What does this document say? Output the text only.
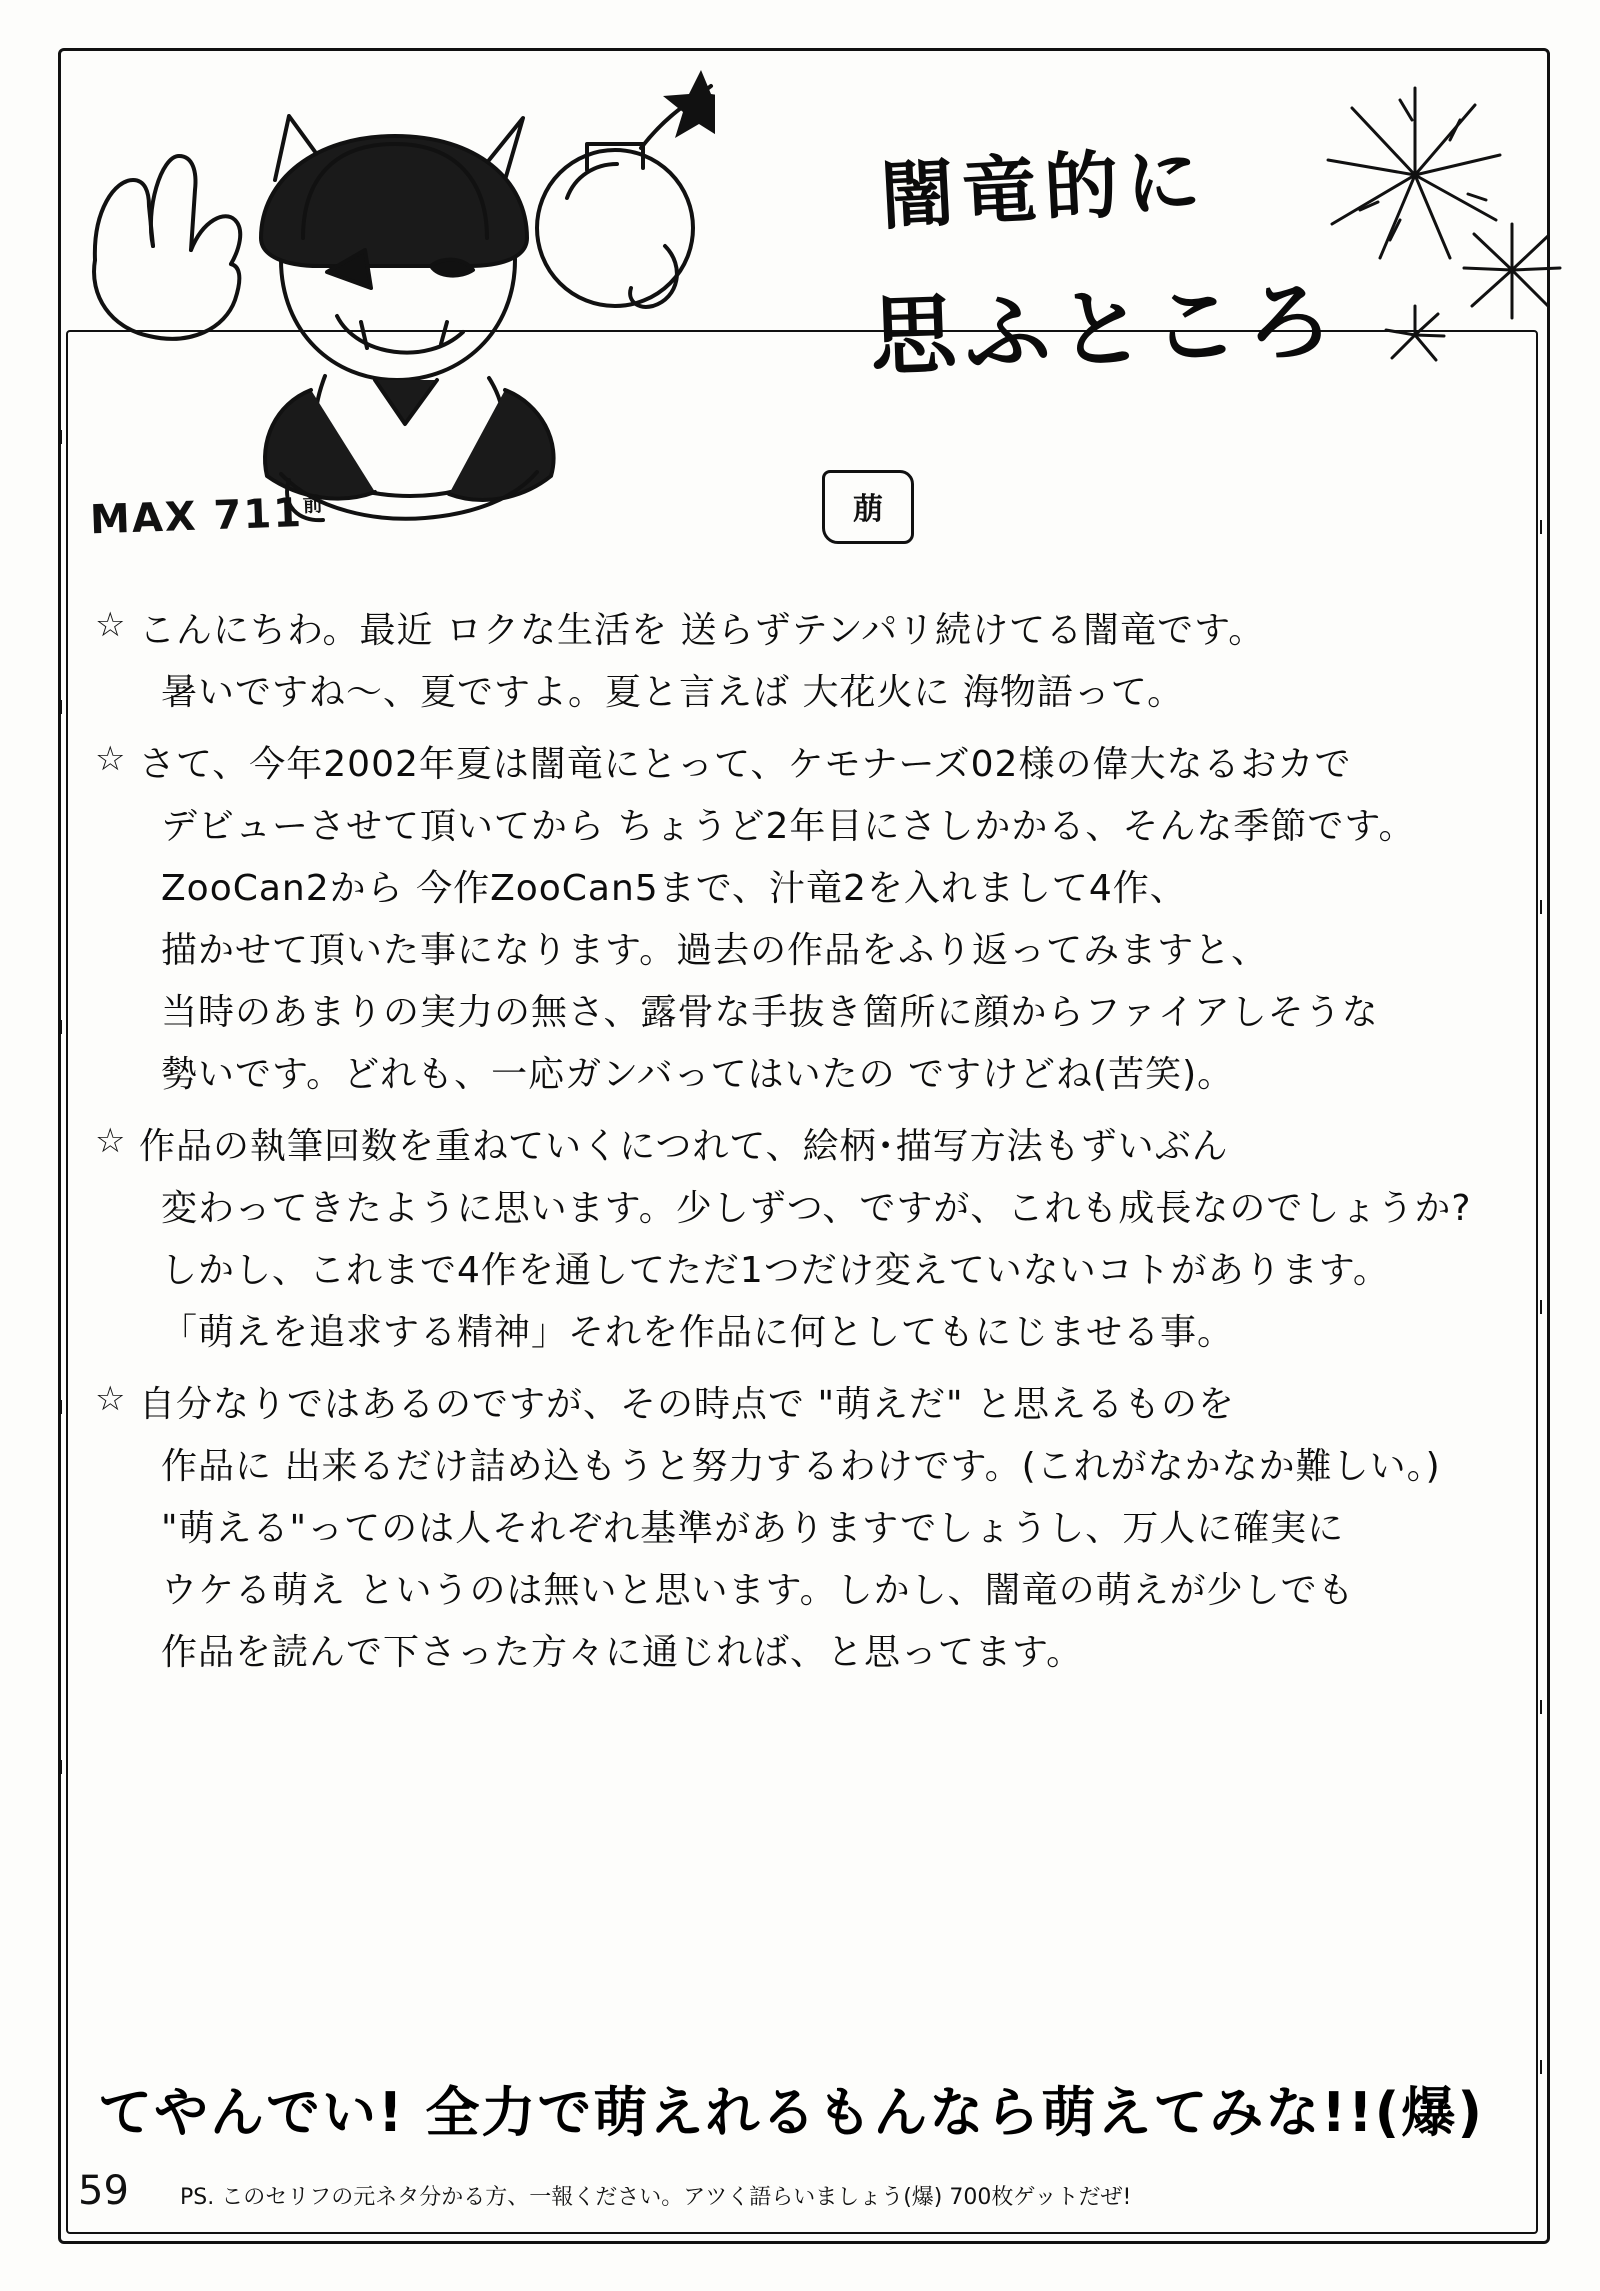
闇竜的に
思ふところ
MAX $711^前$	萠
☆ こんにちわ。最近 ロクな生活を 送らずテンパリ続けてる闇竜です。
暑いですね〜、夏ですよ。夏と言えば 大花火に 海物語って。
☆ さて、今年2002年夏は闇竜にとって、ケモナーズ02様の偉大なるおカで
デビューさせて頂いてから ちょうど2年目にさしかかる、そんな季節です。
ZooCan2から 今作ZooCan5まで、汁竜2を入れまして4作、
描かせて頂いた事になります。過去の作品をふり返ってみますと、
当時のあまりの実力の無さ、露骨な手抜き箇所に顔からファイアしそうな
勢いです。どれも、一応ガンバってはいたの ですけどね(苦笑)。
☆ 作品の執筆回数を重ねていくにつれて、絵柄･描写方法もずいぶん
変わってきたように思います。少しずつ、ですが、これも成長なのでしょうか?
しかし、これまで4作を通してただ1つだけ変えていないコトがあります。
「萌えを追求する精神」それを作品に何としてもにじませる事。
☆ 自分なりではあるのですが、その時点で "萌えだ" と思えるものを
作品に 出来るだけ詰め込もうと努力するわけです。(これがなかなか難しい。)
"萌える"ってのは人それぞれ基準がありますでしょうし、万人に確実に
ウケる萌え というのは無いと思います。しかし、闇竜の萌えが少しでも
作品を読んで下さった方々に通じれば、と思ってます。
てやんでい! 全力で萌えれるもんなら萌えてみな!!(爆)
PS. このセリフの元ネタ分かる方、一報ください。アツく語らいましょう(爆) 700枚ゲットだぜ!
59
